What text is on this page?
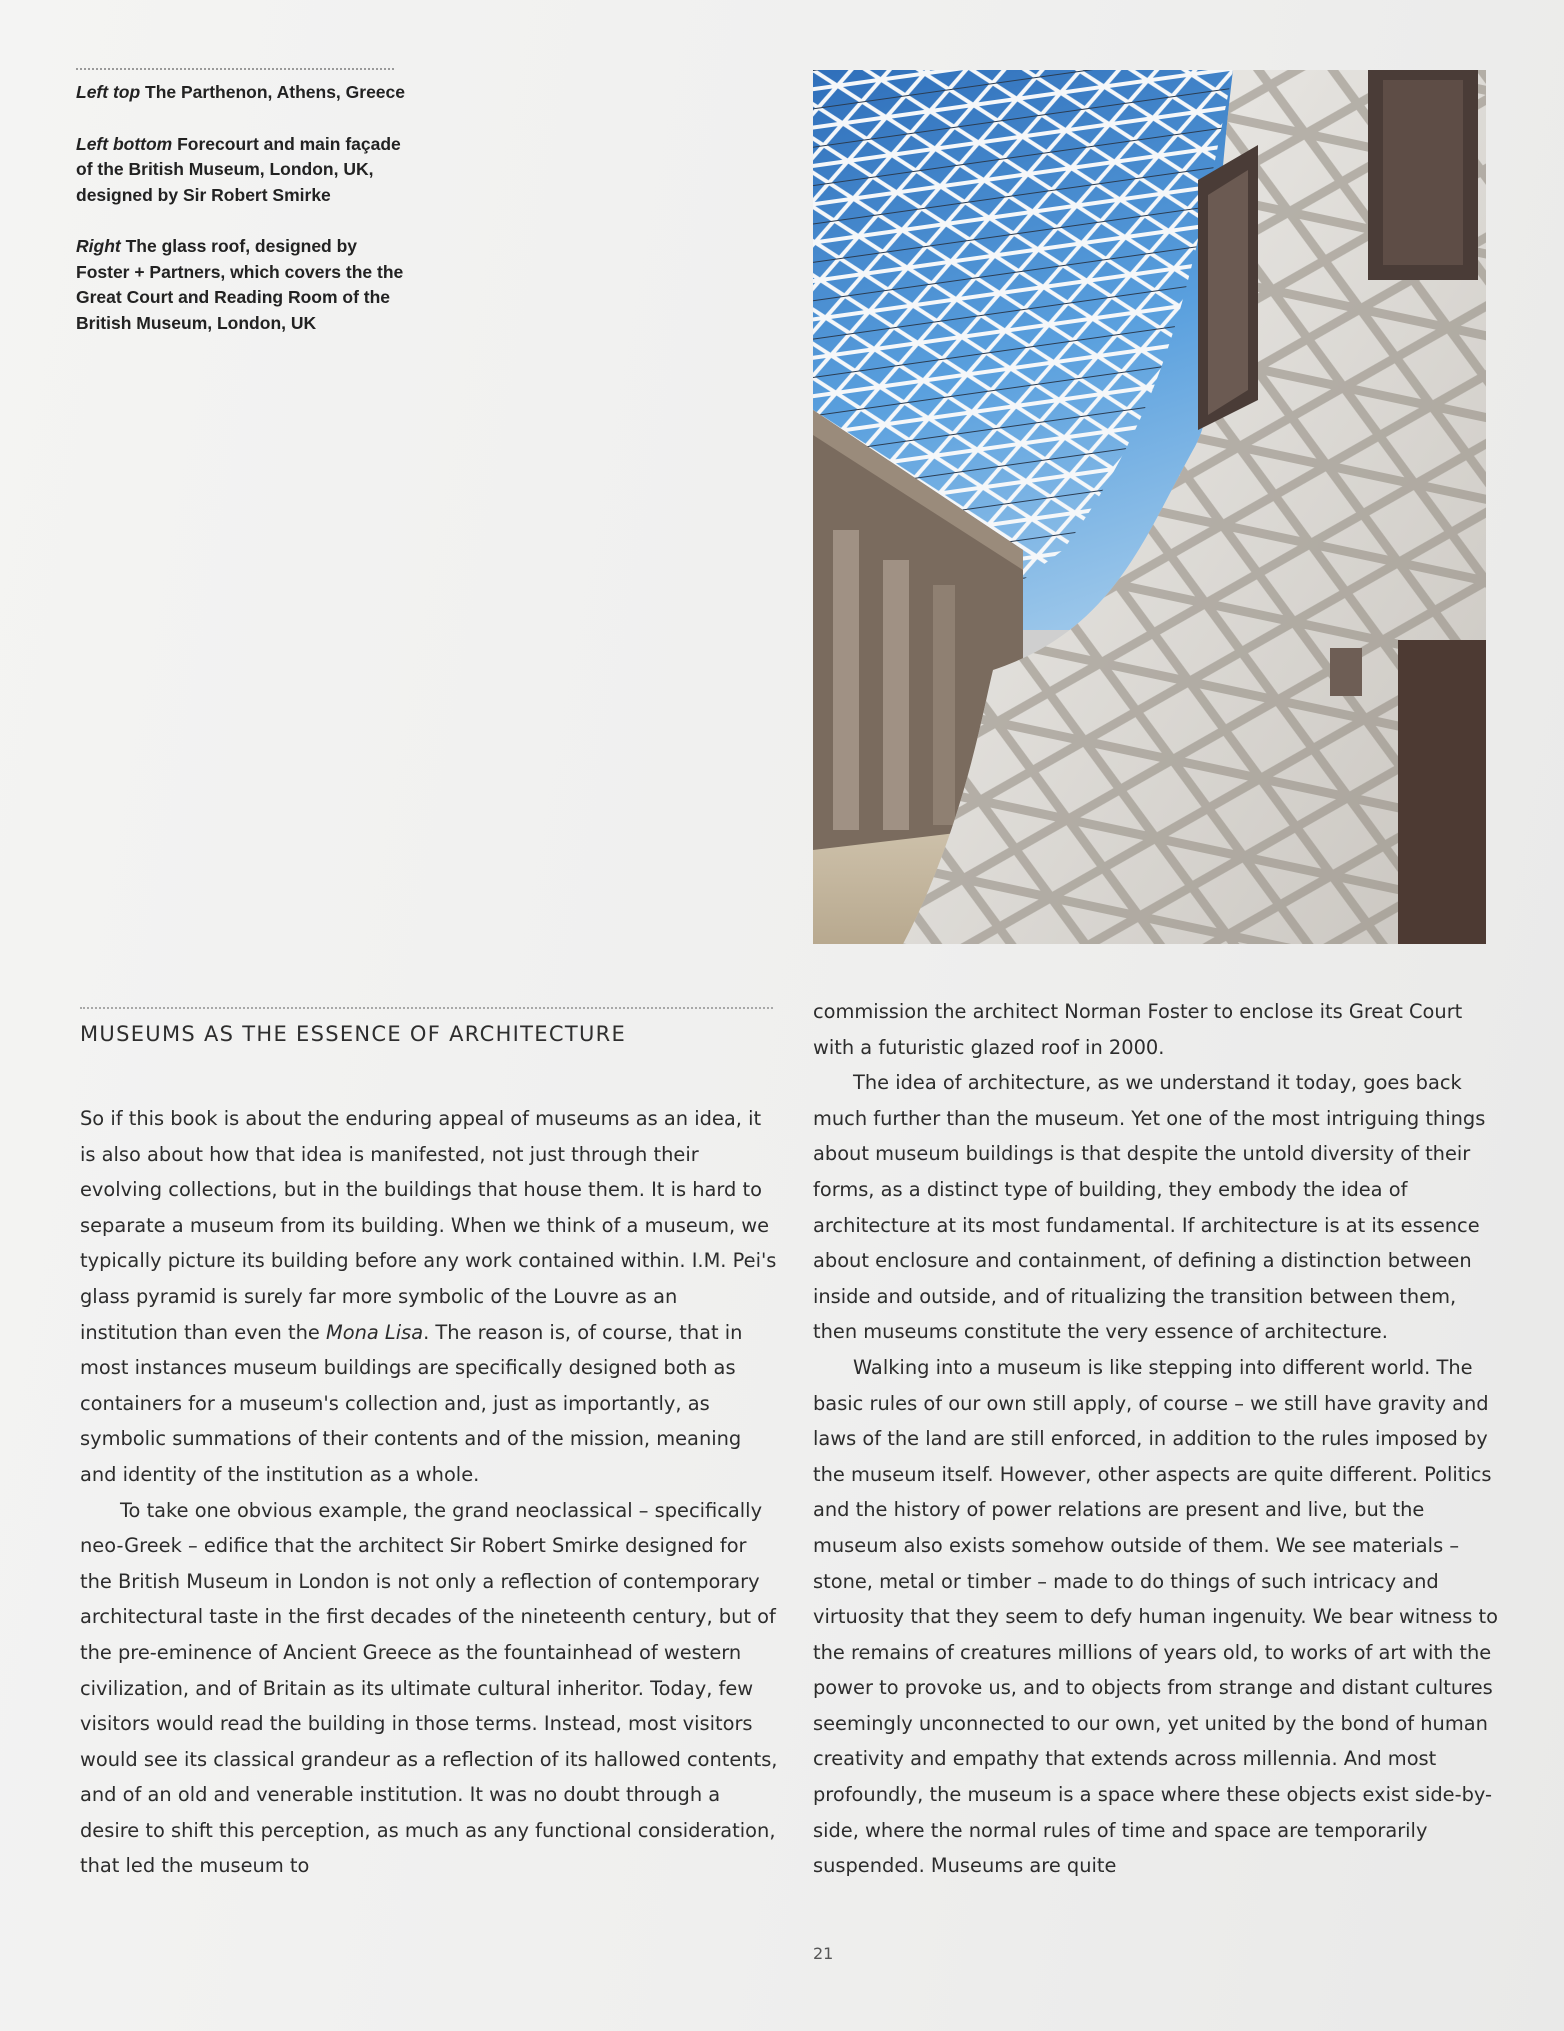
Left top The Parthenon, Athens, Greece

Left bottom Forecourt and main façade of the British Museum, London, UK, designed by Sir Robert Smirke

Right The glass roof, designed by Foster + Partners, which covers the the Great Court and Reading Room of the British Museum, London, UK

MUSEUMS AS THE ESSENCE OF ARCHITECTURE

So if this book is about the enduring appeal of museums as an idea, it is also about how that idea is manifested, not just through their evolving collections, but in the buildings that house them. It is hard to separate a museum from its building. When we think of a museum, we typically picture its building before any work contained within. I.M. Pei's glass pyramid is surely far more symbolic of the Louvre as an institution than even the Mona Lisa. The reason is, of course, that in most instances museum buildings are specifically designed both as containers for a museum's collection and, just as importantly, as symbolic summations of their contents and of the mission, meaning and identity of the institution as a whole.

To take one obvious example, the grand neoclassical – specifically neo-Greek – edifice that the architect Sir Robert Smirke designed for the British Museum in London is not only a reflection of contemporary architectural taste in the first decades of the nineteenth century, but of the pre-eminence of Ancient Greece as the fountainhead of western civilization, and of Britain as its ultimate cultural inheritor. Today, few visitors would read the building in those terms. Instead, most visitors would see its classical grandeur as a reflection of its hallowed contents, and of an old and venerable institution. It was no doubt through a desire to shift this perception, as much as any functional consideration, that led the museum to

commission the architect Norman Foster to enclose its Great Court with a futuristic glazed roof in 2000.

The idea of architecture, as we understand it today, goes back much further than the museum. Yet one of the most intriguing things about museum buildings is that despite the untold diversity of their forms, as a distinct type of building, they embody the idea of architecture at its most fundamental. If architecture is at its essence about enclosure and containment, of defining a distinction between inside and outside, and of ritualizing the transition between them, then museums constitute the very essence of architecture.

Walking into a museum is like stepping into different world. The basic rules of our own still apply, of course – we still have gravity and laws of the land are still enforced, in addition to the rules imposed by the museum itself. However, other aspects are quite different. Politics and the history of power relations are present and live, but the museum also exists somehow outside of them. We see materials – stone, metal or timber – made to do things of such intricacy and virtuosity that they seem to defy human ingenuity. We bear witness to the remains of creatures millions of years old, to works of art with the power to provoke us, and to objects from strange and distant cultures seemingly unconnected to our own, yet united by the bond of human creativity and empathy that extends across millennia. And most profoundly, the museum is a space where these objects exist side-by-side, where the normal rules of time and space are temporarily suspended. Museums are quite

21
